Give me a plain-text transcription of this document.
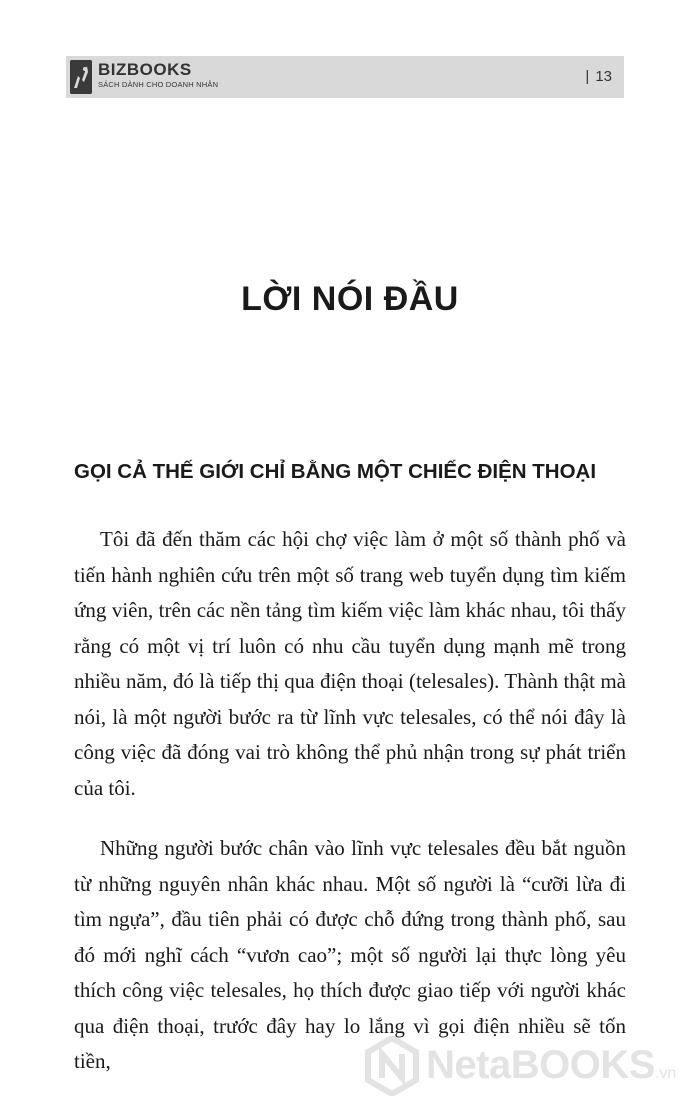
BIZBOOKS
SÁCH DÀNH CHO DOANH NHÂN	| 13
LỜI NÓI ĐẦU
GỌI CẢ THẾ GIỚI CHỈ BẰNG MỘT CHIẾC ĐIỆN THOẠI

Tôi đã đến thăm các hội chợ việc làm ở một số thành phố và tiến hành nghiên cứu trên một số trang web tuyển dụng tìm kiếm ứng viên, trên các nền tảng tìm kiếm việc làm khác nhau, tôi thấy rằng có một vị trí luôn có nhu cầu tuyển dụng mạnh mẽ trong nhiều năm, đó là tiếp thị qua điện thoại (telesales). Thành thật mà nói, là một người bước ra từ lĩnh vực telesales, có thể nói đây là công việc đã đóng vai trò không thể phủ nhận trong sự phát triển của tôi.

Những người bước chân vào lĩnh vực telesales đều bắt nguồn từ những nguyên nhân khác nhau. Một số người là “cưỡi lừa đi tìm ngựa”, đầu tiên phải có được chỗ đứng trong thành phố, sau đó mới nghĩ cách “vươn cao”; một số người lại thực lòng yêu thích công việc telesales, họ thích được giao tiếp với người khác qua điện thoại, trước đây hay lo lắng vì gọi điện nhiều sẽ tốn tiền,	NetaBOOKS.vn
